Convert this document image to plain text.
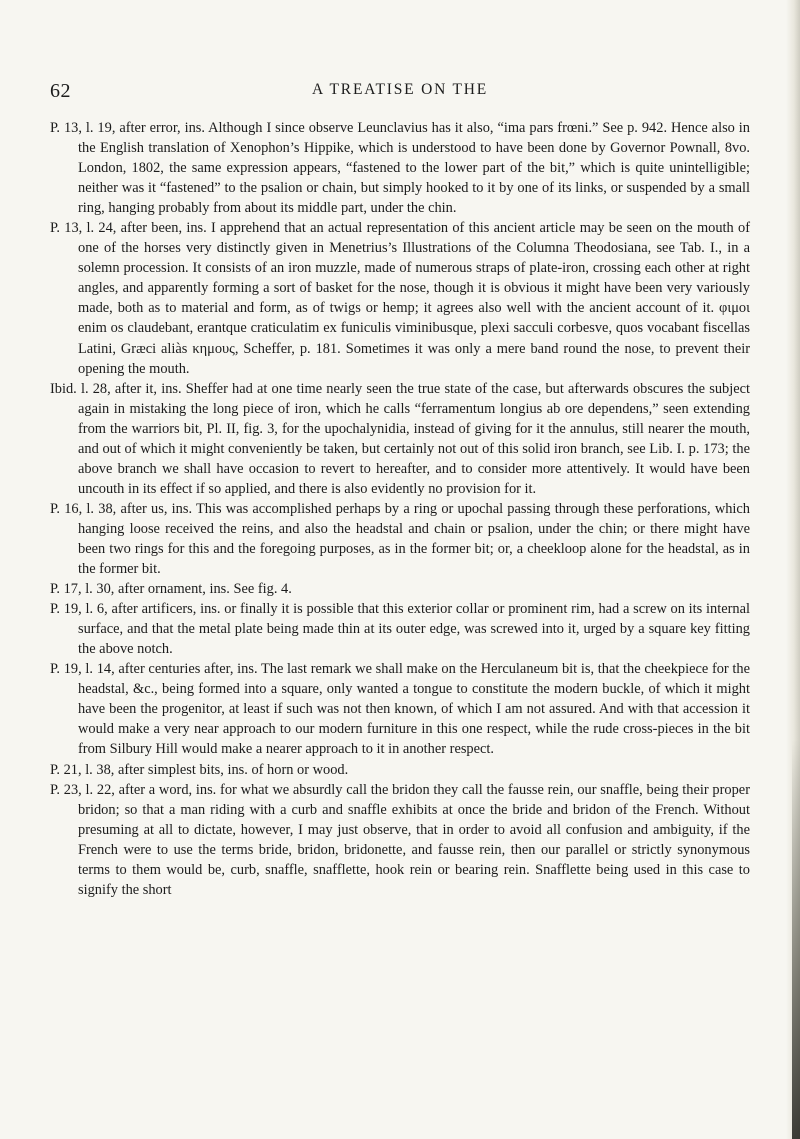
62	A TREATISE ON THE

P. 13, l. 19, after error, ins. Although I since observe Leunclavius has it also, “ima pars frœni.” See p. 942. Hence also in the English translation of Xenophon’s Hippike, which is understood to have been done by Governor Pownall, 8vo. London, 1802, the same expression appears, “fastened to the lower part of the bit,” which is quite unintelligible; neither was it “fastened” to the psalion or chain, but simply hooked to it by one of its links, or suspended by a small ring, hanging probably from about its middle part, under the chin.

P. 13, l. 24, after been, ins. I apprehend that an actual representation of this ancient article may be seen on the mouth of one of the horses very distinctly given in Menetrius’s Illustrations of the Columna Theodosiana, see Tab. I., in a solemn procession. It consists of an iron muzzle, made of numerous straps of plate-iron, crossing each other at right angles, and apparently forming a sort of basket for the nose, though it is obvious it might have been very variously made, both as to material and form, as of twigs or hemp; it agrees also well with the ancient account of it. φιμοι enim os claudebant, erantque craticulatim ex funiculis viminibusque, plexi sacculi corbesve, quos vocabant fiscellas Latini, Græci aliàs κημους, Scheffer, p. 181. Sometimes it was only a mere band round the nose, to prevent their opening the mouth.

Ibid. l. 28, after it, ins. Sheffer had at one time nearly seen the true state of the case, but afterwards obscures the subject again in mistaking the long piece of iron, which he calls “ferramentum longius ab ore dependens,” seen extending from the warriors bit, Pl. II, fig. 3, for the upochalynidia, instead of giving for it the annulus, still nearer the mouth, and out of which it might conveniently be taken, but certainly not out of this solid iron branch, see Lib. I. p. 173; the above branch we shall have occasion to revert to hereafter, and to consider more attentively. It would have been uncouth in its effect if so applied, and there is also evidently no provision for it.

P. 16, l. 38, after us, ins. This was accomplished perhaps by a ring or upochal passing through these perforations, which hanging loose received the reins, and also the headstal and chain or psalion, under the chin; or there might have been two rings for this and the foregoing purposes, as in the former bit; or, a cheekloop alone for the headstal, as in the former bit.

P. 17, l. 30, after ornament, ins. See fig. 4.

P. 19, l. 6, after artificers, ins. or finally it is possible that this exterior collar or prominent rim, had a screw on its internal surface, and that the metal plate being made thin at its outer edge, was screwed into it, urged by a square key fitting the above notch.

P. 19, l. 14, after centuries after, ins. The last remark we shall make on the Herculaneum bit is, that the cheekpiece for the headstal, &c., being formed into a square, only wanted a tongue to constitute the modern buckle, of which it might have been the progenitor, at least if such was not then known, of which I am not assured. And with that accession it would make a very near approach to our modern furniture in this one respect, while the rude cross-pieces in the bit from Silbury Hill would make a nearer approach to it in another respect.

P. 21, l. 38, after simplest bits, ins. of horn or wood.

P. 23, l. 22, after a word, ins. for what we absurdly call the bridon they call the fausse rein, our snaffle, being their proper bridon; so that a man riding with a curb and snaffle exhibits at once the bride and bridon of the French. Without presuming at all to dictate, however, I may just observe, that in order to avoid all confusion and ambiguity, if the French were to use the terms bride, bridon, bridonette, and fausse rein, then our parallel or strictly synonymous terms to them would be, curb, snaffle, snafflette, hook rein or bearing rein. Snafflette being used in this case to signify the short
